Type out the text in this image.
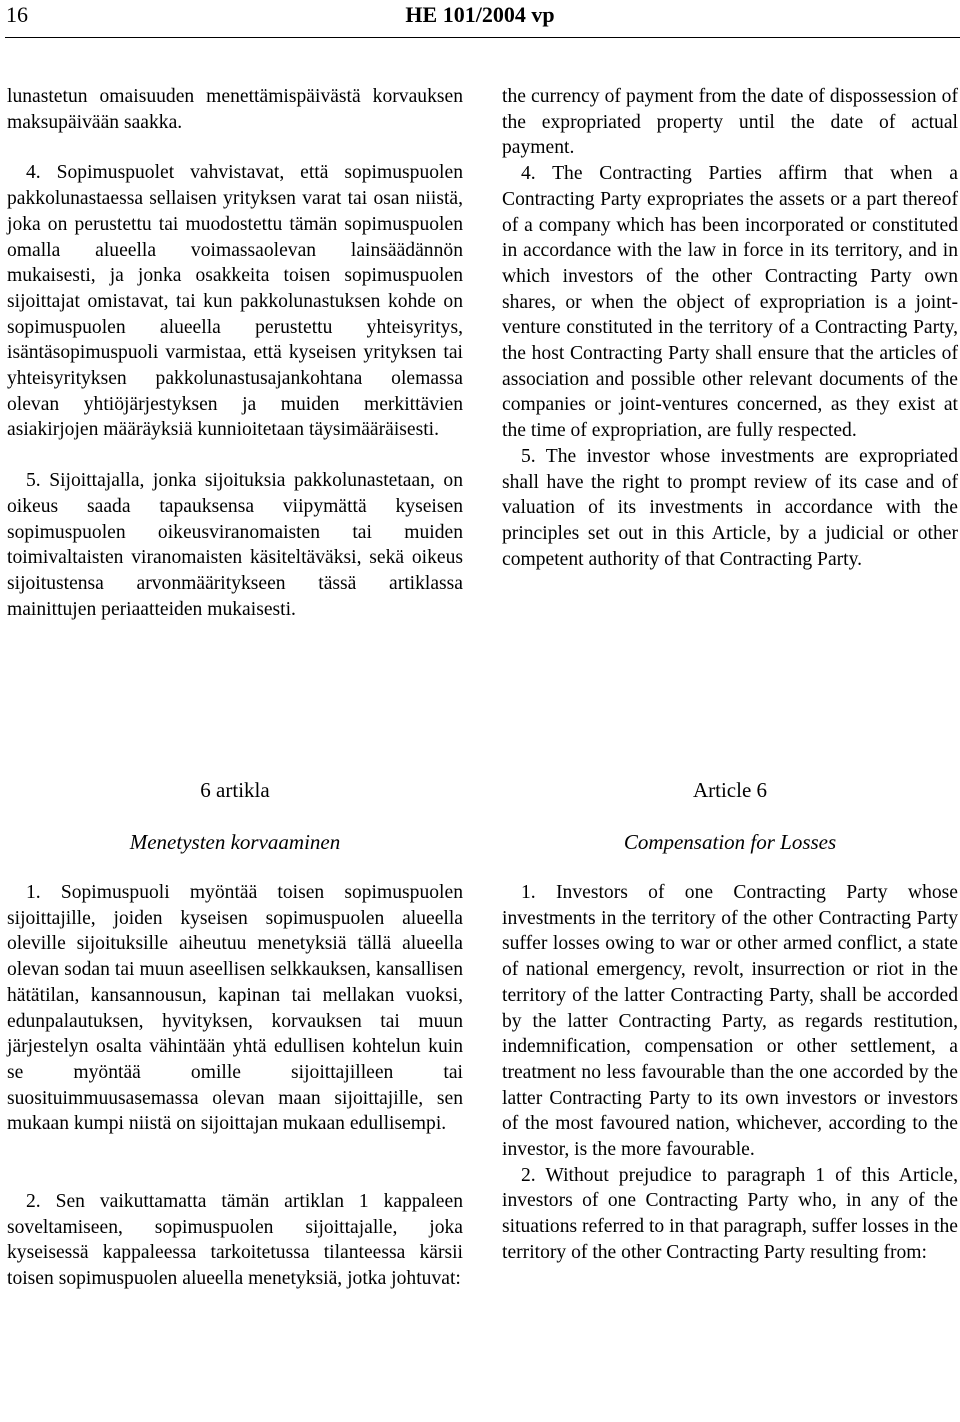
16	HE 101/2004 vp

lunastetun omaisuuden menettämispäivästä korvauksen maksupäivään saakka.

4. Sopimuspuolet vahvistavat, että sopimuspuolen pakkolunastaessa sellaisen yrityksen varat tai osan niistä, joka on perustettu tai muodostettu tämän sopimuspuolen omalla alueella voimassaolevan lainsäädännön mukaisesti, ja jonka osakkeita toisen sopimuspuolen sijoittajat omistavat, tai kun pakkolunastuksen kohde on sopimuspuolen alueella perustettu yhteisyritys, isäntäsopimuspuoli varmistaa, että kyseisen yrityksen tai yhteisyrityksen pakkolunastusajankohtana olemassa olevan yhtiöjärjestyksen ja muiden merkittävien asiakirjojen määräyksiä kunnioitetaan täysimääräisesti.

5. Sijoittajalla, jonka sijoituksia pakkolunastetaan, on oikeus saada tapauksensa viipymättä kyseisen sopimuspuolen oikeusviranomaisten tai muiden toimivaltaisten viranomaisten käsiteltäväksi, sekä oikeus sijoitustensa arvonmääritykseen tässä artiklassa mainittujen periaatteiden mukaisesti.

the currency of payment from the date of dispossession of the expropriated property until the date of actual payment.

4. The Contracting Parties affirm that when a Contracting Party expropriates the assets or a part thereof of a company which has been incorporated or constituted in accordance with the law in force in its territory, and in which investors of the other Contracting Party own shares, or when the object of expropriation is a joint-venture constituted in the territory of a Contracting Party, the host Contracting Party shall ensure that the articles of association and possible other relevant documents of the companies or joint-ventures concerned, as they exist at the time of expropriation, are fully respected.

5. The investor whose investments are expropriated shall have the right to prompt review of its case and of valuation of its investments in accordance with the principles set out in this Article, by a judicial or other competent authority of that Contracting Party.

6 artikla
Menetysten korvaaminen
Article 6
Compensation for Losses

1. Sopimuspuoli myöntää toisen sopimuspuolen sijoittajille, joiden kyseisen sopimuspuolen alueella oleville sijoituksille aiheutuu menetyksiä tällä alueella olevan sodan tai muun aseellisen selkkauksen, kansallisen hätätilan, kansannousun, kapinan tai mellakan vuoksi, edunpalautuksen, hyvityksen, korvauksen tai muun järjestelyn osalta vähintään yhtä edullisen kohtelun kuin se myöntää omille sijoittajilleen tai suosituimmuusasemassa olevan maan sijoittajille, sen mukaan kumpi niistä on sijoittajan mukaan edullisempi.

2. Sen vaikuttamatta tämän artiklan 1 kappaleen soveltamiseen, sopimuspuolen sijoittajalle, joka kyseisessä kappaleessa tarkoitetussa tilanteessa kärsii toisen sopimuspuolen alueella menetyksiä, jotka johtuvat:

1. Investors of one Contracting Party whose investments in the territory of the other Contracting Party suffer losses owing to war or other armed conflict, a state of national emergency, revolt, insurrection or riot in the territory of the latter Contracting Party, shall be accorded by the latter Contracting Party, as regards restitution, indemnification, compensation or other settlement, a treatment no less favourable than the one accorded by the latter Contracting Party to its own investors or investors of the most favoured nation, whichever, according to the investor, is the more favourable.

2. Without prejudice to paragraph 1 of this Article, investors of one Contracting Party who, in any of the situations referred to in that paragraph, suffer losses in the territory of the other Contracting Party resulting from:
